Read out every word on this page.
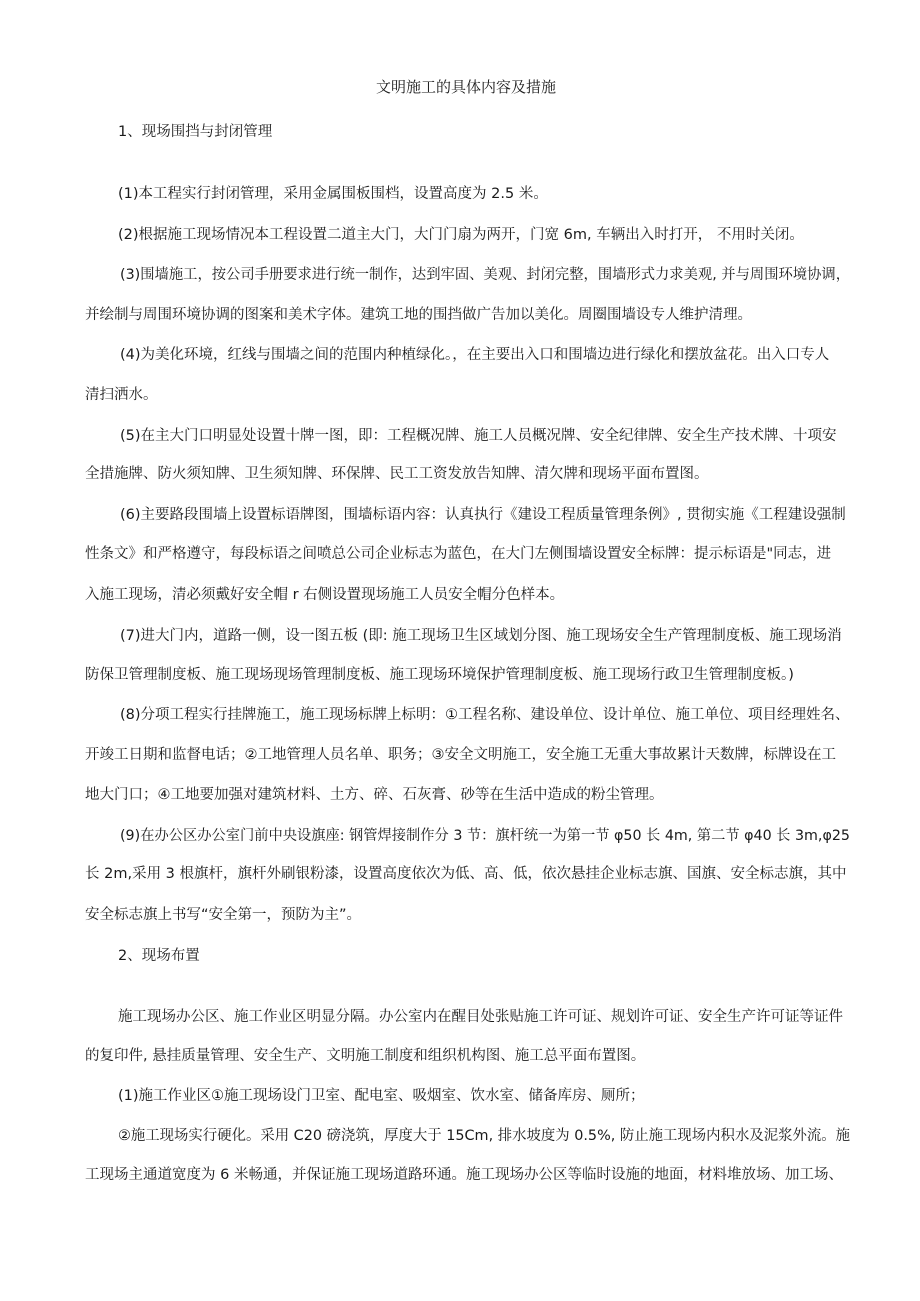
文明施工的具体内容及措施
1、现场围挡与封闭管理
(1)本工程实行封闭管理，采用金属围板围档，设置高度为 2.5 米。
(2)根据施工现场情况本工程设置二道主大门，大门门扇为两开，门宽 6m, 车辆出入时打开， 不用时关闭。
(3)围墙施工，按公司手册要求进行统一制作，达到牢固、美观、封闭完整，围墙形式力求美观, 并与周围环境协调，
并绘制与周围环境协调的图案和美术字体。建筑工地的围挡做广告加以美化。周圈围墙设专人维护清理。
(4)为美化环境，红线与围墙之间的范围内种植绿化。，在主要出入口和围墙边进行绿化和摆放盆花。出入口专人
清扫洒水。
(5)在主大门口明显处设置十牌一图，即：工程概况牌、施工人员概况牌、安全纪律牌、安全生产技术牌、十项安
全措施牌、防火须知牌、卫生须知牌、环保牌、民工工资发放告知牌、清欠牌和现场平面布置图。
(6)主要路段围墙上设置标语牌图，围墙标语内容：认真执行《建设工程质量管理条例》, 贯彻实施《工程建设强制
性条文》和严格遵守，每段标语之间喷总公司企业标志为蓝色，在大门左侧围墙设置安全标牌：提示标语是"同志，进
入施工现场，清必须戴好安全帽 r 右侧设置现场施工人员安全帽分色样本。
(7)进大门内，道路一侧，设一图五板 (即: 施工现场卫生区域划分图、施工现场安全生产管理制度板、施工现场消
防保卫管理制度板、施工现场现场管理制度板、施工现场环境保护管理制度板、施工现场行政卫生管理制度板。)
(8)分项工程实行挂牌施工，施工现场标牌上标明：①工程名称、建设单位、设计单位、施工单位、项目经理姓名、
开竣工日期和监督电话；②工地管理人员名单、职务；③安全文明施工，安全施工无重大事故累计天数牌，标牌设在工
地大门口；④工地要加强对建筑材料、土方、碎、石灰膏、砂等在生活中造成的粉尘管理。
(9)在办公区办公室门前中央设旗座: 钢管焊接制作分 3 节：旗杆统一为第一节 φ50 长 4m, 第二节 φ40 长 3m,φ25
长 2m,采用 3 根旗杆，旗杆外刷银粉漆，设置高度依次为低、高、低，依次悬挂企业标志旗、国旗、安全标志旗，其中
安全标志旗上书写“安全第一，预防为主”。
2、现场布置
施工现场办公区、施工作业区明显分隔。办公室内在醒目处张贴施工许可证、规划许可证、安全生产许可证等证件
的复印件, 悬挂质量管理、安全生产、文明施工制度和组织机构图、施工总平面布置图。
(1)施工作业区①施工现场设门卫室、配电室、吸烟室、饮水室、储备库房、厕所；
②施工现场实行硬化。采用 C20 磅浇筑，厚度大于 15Cm, 排水坡度为 0.5%, 防止施工现场内积水及泥浆外流。施
工现场主通道宽度为 6 米畅通，并保证施工现场道路环通。施工现场办公区等临时设施的地面，材料堆放场、加工场、
